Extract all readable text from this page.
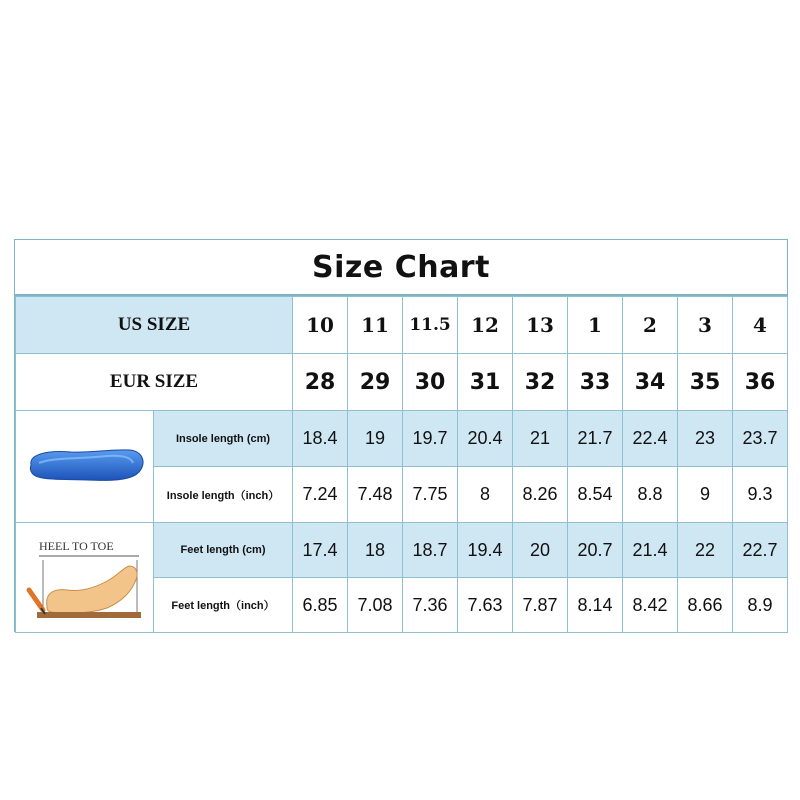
Size Chart
US SIZE		10	11	11.5	12	13	1	2	3	4
EUR SIZE		28	29	30	31	32	33	34	35	36

	Insole length (cm)	18.4	19	19.7	20.4	21	21.7	22.4	23	23.7
	Insole length（inch）	7.24	7.48	7.75	8	8.26	8.54	8.8	9	9.3

HEEL TO TOE	Feet length (cm)	17.4	18	18.7	19.4	20	20.7	21.4	22	22.7
	Feet length（inch）	6.85	7.08	7.36	7.63	7.87	8.14	8.42	8.66	8.9
